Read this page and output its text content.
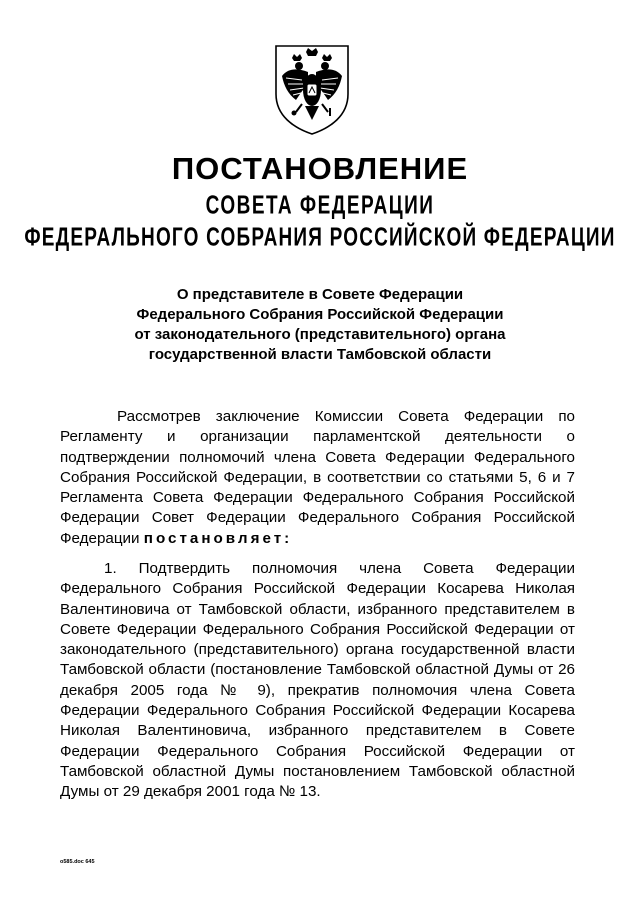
ПОСТАНОВЛЕНИЕ
СОВЕТА ФЕДЕРАЦИИ
ФЕДЕРАЛЬНОГО СОБРАНИЯ РОССИЙСКОЙ ФЕДЕРАЦИИ
О представителе в Совете Федерации
Федерального Собрания Российской Федерации
от законодательного (представительного) органа
государственной власти Тамбовской области
Рассмотрев заключение Комиссии Совета Федерации по Регламенту и организации парламентской деятельности о подтверждении полномочий члена Совета Федерации Федерального Собрания Российской Федерации, в соответствии со статьями 5, 6 и 7 Регламента Совета Федерации Федерального Собрания Российской Федерации Совет Федерации Федерального Собрания Российской Федерации постановляет:
1. Подтвердить полномочия члена Совета Федерации Федерального Собрания Российской Федерации Косарева Николая Валентиновича от Тамбовской области, избранного представителем в Совете Федерации Федерального Собрания Российской Федерации от законодательного (представительного) органа государственной власти Тамбовской области (постановление Тамбовской областной Думы от 26 декабря 2005 года № 9), прекратив полномочия члена Совета Федерации Федерального Собрания Российской Федерации Косарева Николая Валентиновича, избранного представителем в Совете Федерации Федерального Собрания Российской Федерации от Тамбовской областной Думы постановлением Тамбовской областной Думы от 29 декабря 2001 года № 13.
о585.doc 645
